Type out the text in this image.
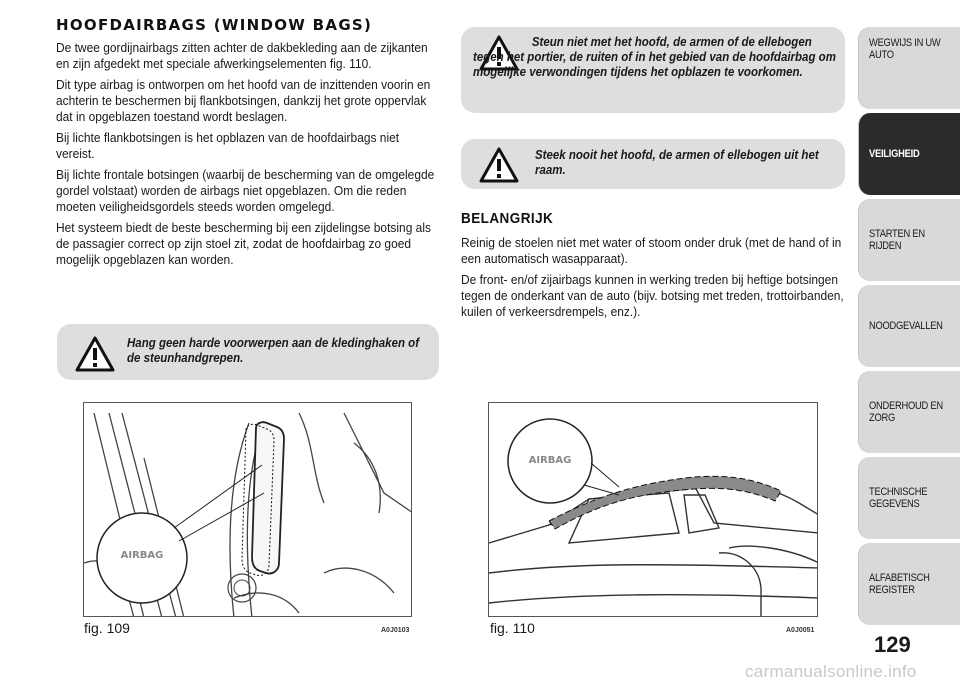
HOOFDAIRBAGS (WINDOW BAGS)

De twee gordijnairbags zitten achter de dakbekleding aan de zijkanten en zijn afgedekt met speciale afwerkingselementen fig. 110.

Dit type airbag is ontworpen om het hoofd van de inzittenden voorin en achterin te beschermen bij flankbotsingen, dankzij het grote oppervlak dat in opgeblazen toestand wordt beslagen.

Bij lichte flankbotsingen is het opblazen van de hoofdairbags niet vereist.

Bij lichte frontale botsingen (waarbij de bescherming van de omgelegde gordel volstaat) worden de airbags niet opgeblazen. Om die reden moeten veiligheidsgordels steeds worden omgelegd.

Het systeem biedt de beste bescherming bij een zijdelingse botsing als de passagier correct op zijn stoel zit, zodat de hoofdairbag zo goed mogelijk opgeblazen kan worden.

Hang geen harde voorwerpen aan de kledinghaken of de steunhandgrepen.
Steun niet met het hoofd, de armen of de ellebogen tegen het portier, de ruiten of in het gebied van de hoofdairbag om mogelijke verwondingen tijdens het opblazen te voorkomen.
Steek nooit het hoofd, de armen of ellebogen uit het raam.
BELANGRIJK

Reinig de stoelen niet met water of stoom onder druk (met de hand of in een automatisch wasapparaat).

De front- en/of zijairbags kunnen in werking treden bij heftige botsingen tegen de onderkant van de auto (bijv. botsing met treden, trottoirbanden, kuilen of verkeersdrempels, enz.).

AIRBAG
fig. 109	A0J0103
AIRBAG
fig. 110	A0J0051
WEGWIJS IN UW AUTO
VEILIGHEID
STARTEN EN RIJDEN
NOODGEVALLEN
ONDERHOUD EN ZORG
TECHNISCHE GEGEVENS
ALFABETISCH REGISTER
129
carmanualsonline.info
